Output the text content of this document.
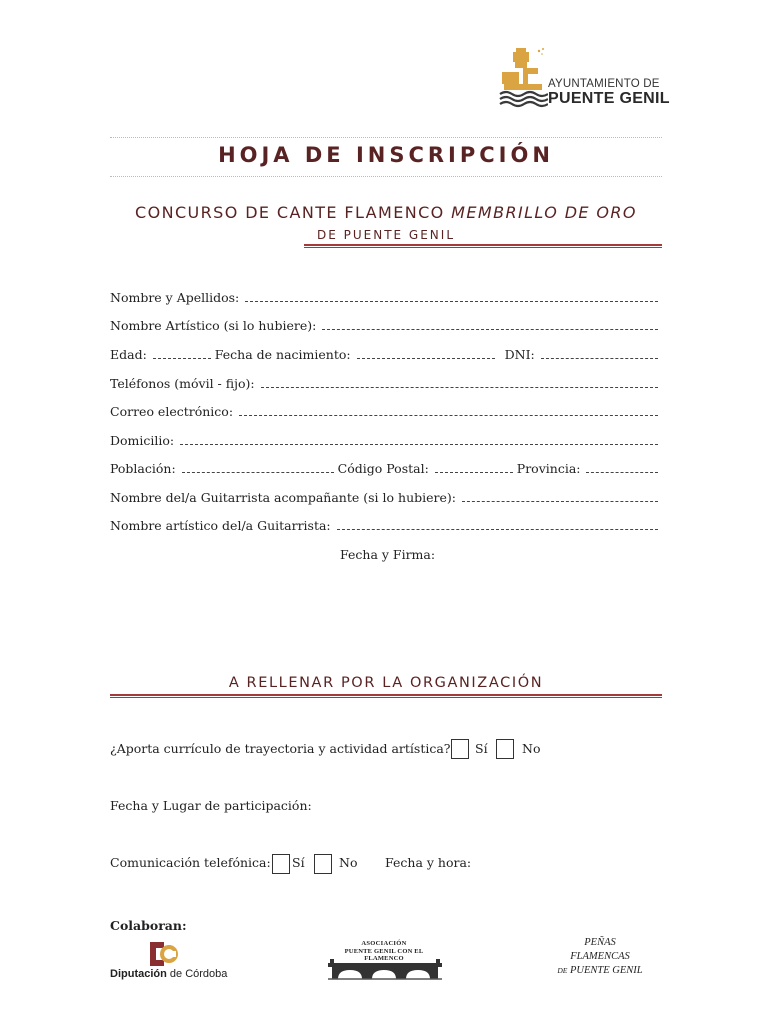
AYUNTAMIENTO DE
PUENTE GENIL
HOJA DE INSCRIPCIÓN
CONCURSO DE CANTE FLAMENCO MEMBRILLO DE ORO
DE PUENTE GENIL
Nombre y Apellidos:
Nombre Artístico (si lo hubiere):
Edad:	Fecha de nacimiento:	DNI:
Teléfonos (móvil - fijo):
Correo electrónico:
Domicilio:
Población:	Código Postal:	Provincia:
Nombre del/a Guitarrista acompañante (si lo hubiere):
Nombre artístico del/a Guitarrista:
Fecha y Firma:
A RELLENAR POR LA ORGANIZACIÓN
¿Aporta currículo de trayectoria y actividad artística? Sí	No
Fecha y Lugar de participación:
Comunicación telefónica: Sí	No Fecha y hora:
Colaboran:
Diputación de Córdoba
ASOCIACIÓN
PUENTE GENIL CON EL FLAMENCO
PEÑAS
FLAMENCAS
DE PUENTE GENIL
